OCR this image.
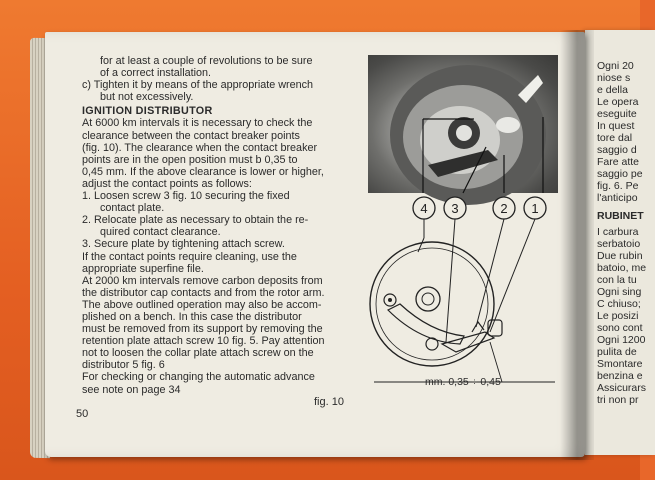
Ogni 20
niose s
e della
Le opera
eseguite
In quest
tore dal
saggio d
Fare atte
saggio pe
fig. 6. Pe
l'anticipo
RUBINET
I carbura
serbatoio
Due rubin
batoio, me
con la tu
Ogni sing
C chiuso;
Le posizi
sono cont
Ogni 1200
pulita de
Smontare
benzina e
Assicurars
tri non pr
for at least a couple of revolutions to be sure
of a correct installation.
c) Tighten it by means of the appropriate wrench
but not excessively.
IGNITION DISTRIBUTOR
At 6000 km intervals it is necessary to check the
clearance between the contact breaker points
(fig. 10). The clearance when the contact breaker
points are in the open position must b 0,35 to
0,45 mm. If the above clearance is lower or higher,
adjust the contact points as follows:
1. Loosen screw 3 fig. 10 securing the fixed
contact plate.
2. Relocate plate as necessary to obtain the re-
quired contact clearance.
3. Secure plate by tightening attach screw.
If the contact points require cleaning, use the
appropriate superfine file.
At 2000 km intervals remove carbon deposits from
the distributor cap contacts and from the rotor arm.
The above outlined operation may also be accom-
plished on a bench. In this case the distributor
must be removed from its support by removing the
retention plate attach screw 10 fig. 5. Pay attention
not to loosen the collar plate attach screw on the
distributor 5 fig. 6
For checking or changing the automatic advance
see note on page 34
50
fig. 10
4 3	2 1
mm. 0,35 ÷ 0,45
